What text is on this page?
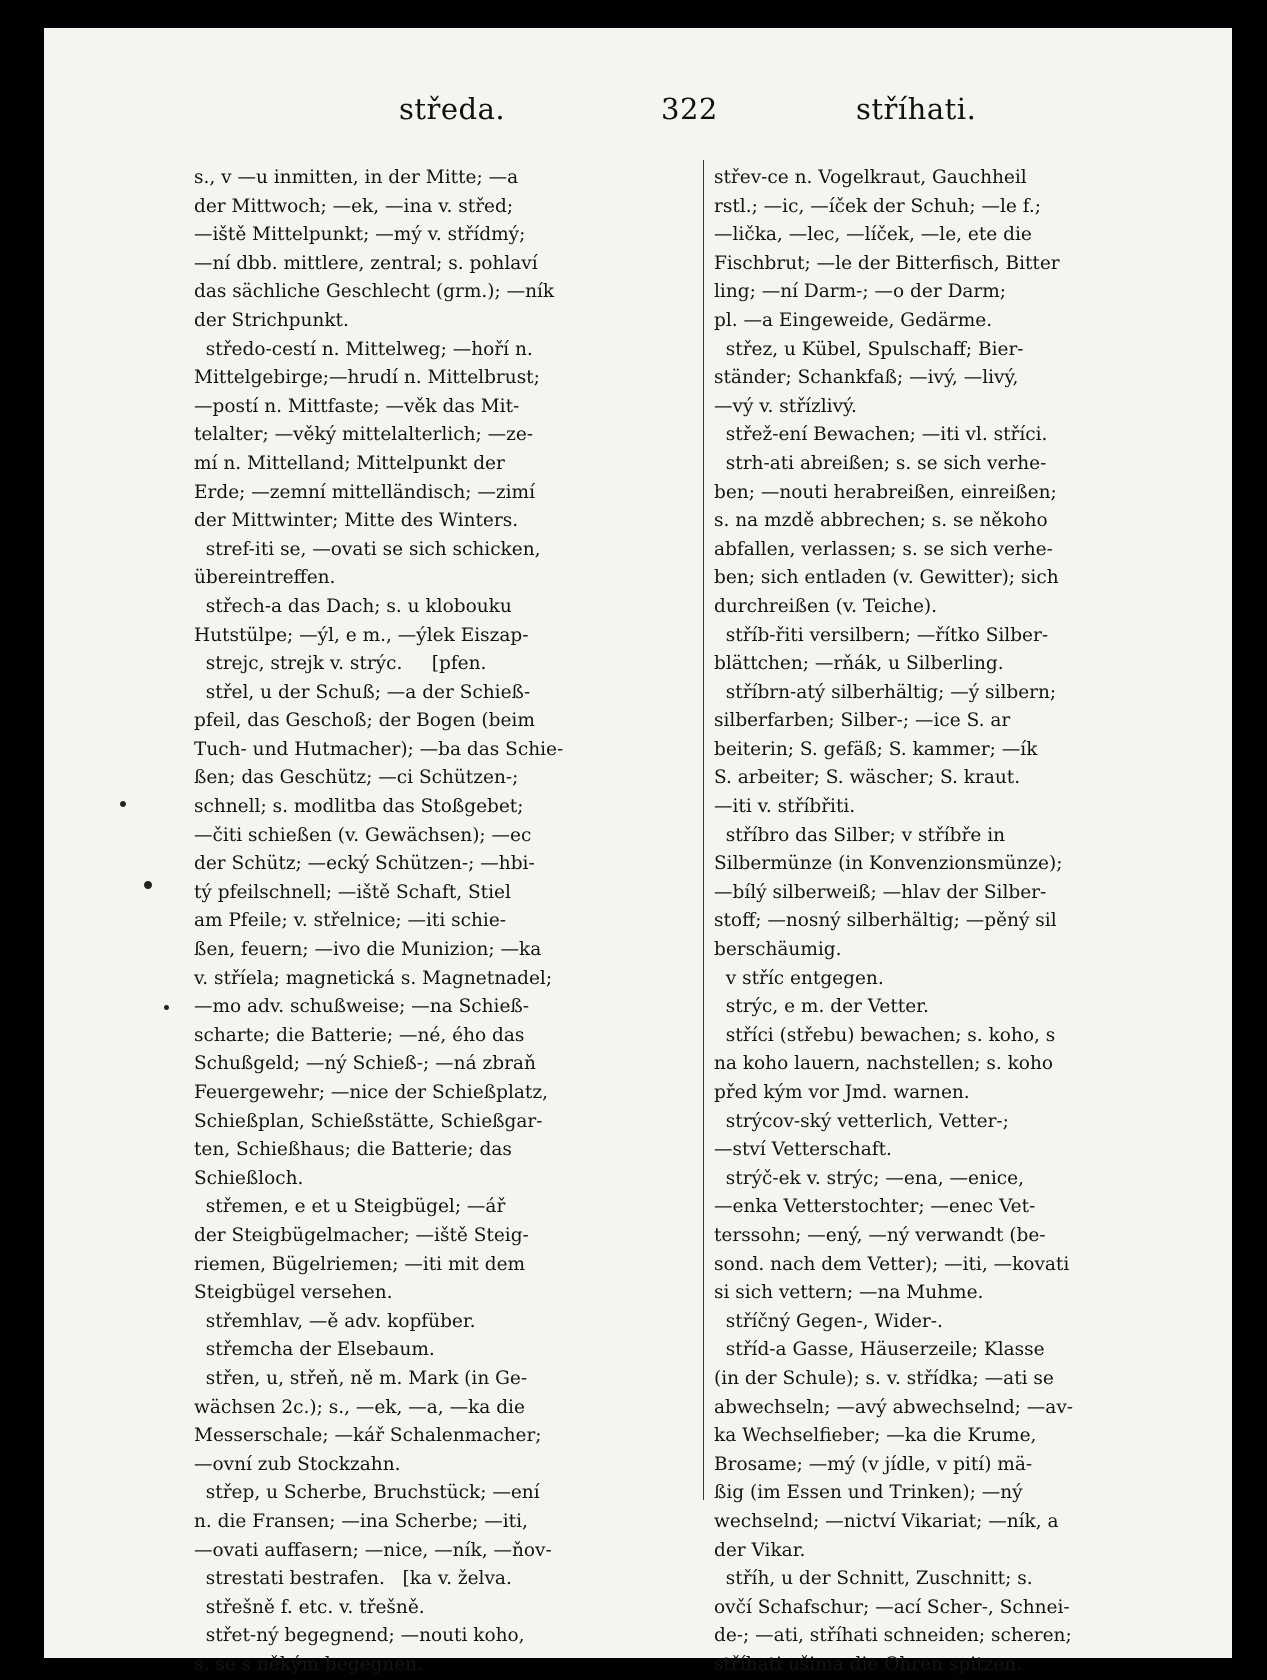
středa.	322	stříhati.
s., v —u inmitten, in der Mitte; —a
der Mittwoch; —ek, —ina v. střed;
—iště Mittelpunkt; —mý v. střídmý;
—ní dbb. mittlere, zentral; s. pohlaví
das sächliche Geschlecht (grm.); —ník
der Strichpunkt.
středo-cestí n. Mittelweg; —hoří n.
Mittelgebirge;—hrudí n. Mittelbrust;
—postí n. Mittfaste; —věk das Mit-
telalter; —věký mittelalterlich; —ze-
mí n. Mittelland; Mittelpunkt der
Erde; —zemní mittelländisch; —zimí
der Mittwinter; Mitte des Winters.
stref-iti se, —ovati se sich schicken,
übereintreffen.
střech-a das Dach; s. u klobouku
Hutstülpe; —ýl, e m., —ýlek Eiszap-
strejc, strejk v. strýc.     [pfen.
střel, u der Schuß; —a der Schieß-
pfeil, das Geschoß; der Bogen (beim
Tuch- und Hutmacher); —ba das Schie-
ßen; das Geschütz; —ci Schützen-;
schnell; s. modlitba das Stoßgebet;
—čiti schießen (v. Gewächsen); —ec
der Schütz; —ecký Schützen-; —hbi-
tý pfeilschnell; —iště Schaft, Stiel
am Pfeile; v. střelnice; —iti schie-
ßen, feuern; —ivo die Munizion; —ka
v. stříela; magnetická s. Magnetnadel;
—mo adv. schußweise; —na Schieß-
scharte; die Batterie; —né, ého das
Schußgeld; —ný Schieß-; —ná zbraň
Feuergewehr; —nice der Schießplatz,
Schießplan, Schießstätte, Schießgar-
ten, Schießhaus; die Batterie; das
Schießloch.
střemen, e et u Steigbügel; —ář
der Steigbügelmacher; —iště Steig-
riemen, Bügelriemen; —iti mit dem
Steigbügel versehen.
střemhlav, —ě adv. kopfüber.
střemcha der Elsebaum.
střen, u, střeň, ně m. Mark (in Ge-
wächsen 2c.); s., —ek, —a, —ka die
Messerschale; —kář Schalenmacher;
—ovní zub Stockzahn.
střep, u Scherbe, Bruchstück; —ení
n. die Fransen; —ina Scherbe; —iti,
—ovati auffasern; —nice, —ník, —ňov-
strestati bestrafen.   [ka v. želva.
střešně f. etc. v. třešně.
střet-ný begegnend; —nouti koho,
s. se s někým begegnen.
střev-ce n. Vogelkraut, Gauchheil
rstl.; —ic, —íček der Schuh; —le f.;
—lička, —lec, —líček, —le, ete die
Fischbrut; —le der Bitterfisch, Bitter
ling; —ní Darm-; —o der Darm;
pl. —a Eingeweide, Gedärme.
střez, u Kübel, Spulschaff; Bier-
ständer; Schankfaß; —ivý, —livý,
—vý v. střízlivý.
střež-ení Bewachen; —iti vl. stříci.
strh-ati abreißen; s. se sich verhe-
ben; —nouti herabreißen, einreißen;
s. na mzdě abbrechen; s. se někoho
abfallen, verlassen; s. se sich verhe-
ben; sich entladen (v. Gewitter); sich
durchreißen (v. Teiche).
stříb-řiti versilbern; —řítko Silber-
blättchen; —rňák, u Silberling.
stříbrn-atý silberhältig; —ý silbern;
silberfarben; Silber-; —ice S. ar
beiterin; S. gefäß; S. kammer; —ík
S. arbeiter; S. wäscher; S. kraut.
—iti v. stříbřiti.
stříbro das Silber; v stříbře in
Silbermünze (in Konvenzionsmünze);
—bílý silberweiß; —hlav der Silber-
stoff; —nosný silberhältig; —pěný sil
berschäumig.
v stříc entgegen.
strýc, e m. der Vetter.
stříci (střebu) bewachen; s. koho, s
na koho lauern, nachstellen; s. koho
před kým vor Jmd. warnen.
strýcov-ský vetterlich, Vetter-;
—ství Vetterschaft.
strýč-ek v. strýc; —ena, —enice,
—enka Vetterstochter; —enec Vet-
terssohn; —ený, —ný verwandt (be-
sond. nach dem Vetter); —iti, —kovati
si sich vettern; —na Muhme.
stříčný Gegen-, Wider-.
stříd-a Gasse, Häuserzeile; Klasse
(in der Schule); s. v. střídka; —ati se
abwechseln; —avý abwechselnd; —av-
ka Wechselfieber; —ka die Krume,
Brosame; —mý (v jídle, v pití) mä-
ßig (im Essen und Trinken); —ný
wechselnd; —nictví Vikariat; —ník, a
der Vikar.
stříh, u der Schnitt, Zuschnitt; s.
ovčí Schafschur; —ací Scher-, Schnei-
de-; —ati, stříhati schneiden; scheren;
stříhati ušima die Ohren spitzen.
